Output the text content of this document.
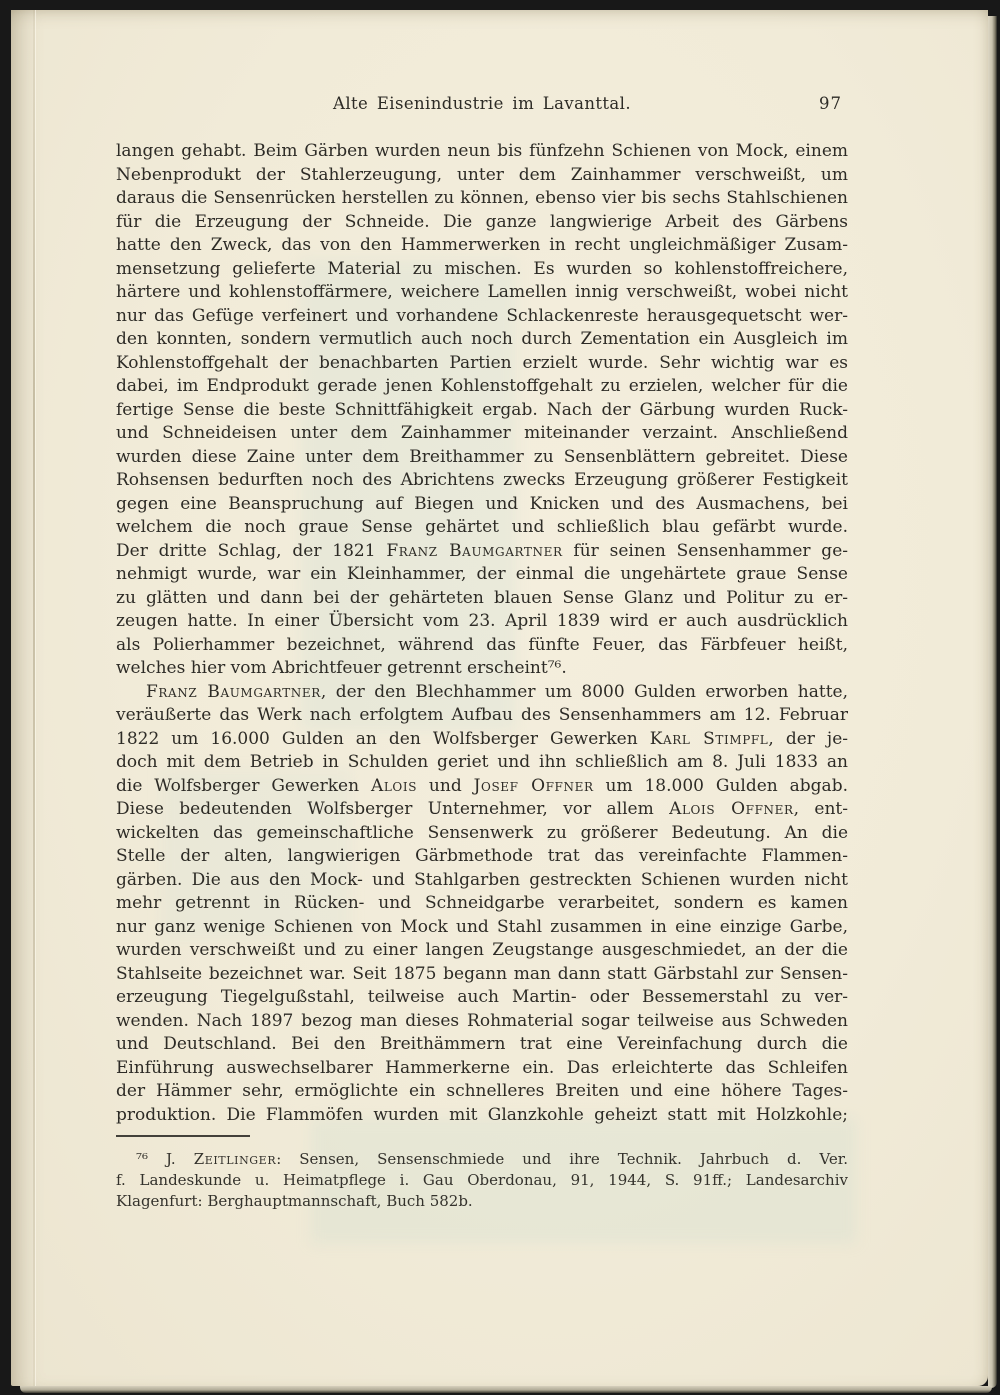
Alte Eisenindustrie im Lavanttal.	97
langen gehabt. Beim Gärben wurden neun bis fünfzehn Schienen von Mock, einem
Nebenprodukt der Stahlerzeugung, unter dem Zainhammer verschweißt, um
daraus die Sensenrücken herstellen zu können, ebenso vier bis sechs Stahlschienen
für die Erzeugung der Schneide. Die ganze langwierige Arbeit des Gärbens
hatte den Zweck, das von den Hammerwerken in recht ungleichmäßiger Zusam-
mensetzung gelieferte Material zu mischen. Es wurden so kohlenstoffreichere,
härtere und kohlenstoffärmere, weichere Lamellen innig verschweißt, wobei nicht
nur das Gefüge verfeinert und vorhandene Schlackenreste herausgequetscht wer-
den konnten, sondern vermutlich auch noch durch Zementation ein Ausgleich im
Kohlenstoffgehalt der benachbarten Partien erzielt wurde. Sehr wichtig war es
dabei, im Endprodukt gerade jenen Kohlenstoffgehalt zu erzielen, welcher für die
fertige Sense die beste Schnittfähigkeit ergab. Nach der Gärbung wurden Ruck-
und Schneideisen unter dem Zainhammer miteinander verzaint. Anschließend
wurden diese Zaine unter dem Breithammer zu Sensenblättern gebreitet. Diese
Rohsensen bedurften noch des Abrichtens zwecks Erzeugung größerer Festigkeit
gegen eine Beanspruchung auf Biegen und Knicken und des Ausmachens, bei
welchem die noch graue Sense gehärtet und schließlich blau gefärbt wurde.
Der dritte Schlag, der 1821 Franz Baumgartner für seinen Sensenhammer ge-
nehmigt wurde, war ein Kleinhammer, der einmal die ungehärtete graue Sense
zu glätten und dann bei der gehärteten blauen Sense Glanz und Politur zu er-
zeugen hatte. In einer Übersicht vom 23. April 1839 wird er auch ausdrücklich
als Polierhammer bezeichnet, während das fünfte Feuer, das Färbfeuer heißt,
welches hier vom Abrichtfeuer getrennt erscheint⁷⁶.
Franz Baumgartner, der den Blechhammer um 8000 Gulden erworben hatte,
veräußerte das Werk nach erfolgtem Aufbau des Sensenhammers am 12. Februar
1822 um 16.000 Gulden an den Wolfsberger Gewerken Karl Stimpfl, der je-
doch mit dem Betrieb in Schulden geriet und ihn schließlich am 8. Juli 1833 an
die Wolfsberger Gewerken Alois und Josef Offner um 18.000 Gulden abgab.
Diese bedeutenden Wolfsberger Unternehmer, vor allem Alois Offner, ent-
wickelten das gemeinschaftliche Sensenwerk zu größerer Bedeutung. An die
Stelle der alten, langwierigen Gärbmethode trat das vereinfachte Flammen-
gärben. Die aus den Mock- und Stahlgarben gestreckten Schienen wurden nicht
mehr getrennt in Rücken- und Schneidgarbe verarbeitet, sondern es kamen
nur ganz wenige Schienen von Mock und Stahl zusammen in eine einzige Garbe,
wurden verschweißt und zu einer langen Zeugstange ausgeschmiedet, an der die
Stahlseite bezeichnet war. Seit 1875 begann man dann statt Gärbstahl zur Sensen-
erzeugung Tiegelgußstahl, teilweise auch Martin- oder Bessemerstahl zu ver-
wenden. Nach 1897 bezog man dieses Rohmaterial sogar teilweise aus Schweden
und Deutschland. Bei den Breithämmern trat eine Vereinfachung durch die
Einführung auswechselbarer Hammerkerne ein. Das erleichterte das Schleifen
der Hämmer sehr, ermöglichte ein schnelleres Breiten und eine höhere Tages-
produktion. Die Flammöfen wurden mit Glanzkohle geheizt statt mit Holzkohle;
⁷⁶ J. Zeitlinger: Sensen, Sensenschmiede und ihre Technik. Jahrbuch d. Ver.
f. Landeskunde u. Heimatpflege i. Gau Oberdonau, 91, 1944, S. 91ff.; Landesarchiv
Klagenfurt: Berghauptmannschaft, Buch 582b.
